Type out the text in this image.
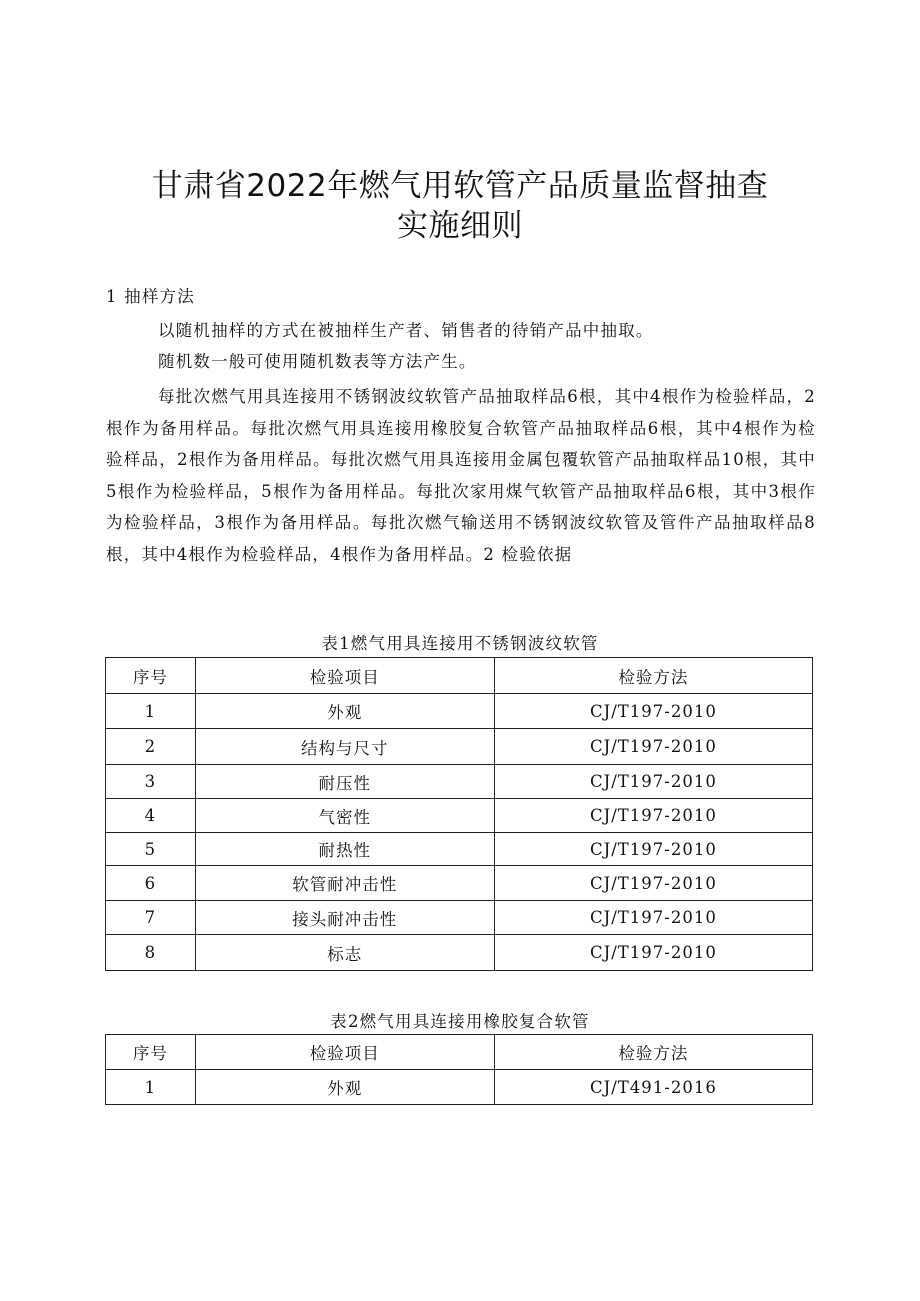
甘肃省2022年燃气用软管产品质量监督抽查
实施细则
1 抽样方法
以随机抽样的方式在被抽样生产者、销售者的待销产品中抽取。
随机数一般可使用随机数表等方法产生。
每批次燃气用具连接用不锈钢波纹软管产品抽取样品6根，其中4根作为检验样品，2根作为备用样品。每批次燃气用具连接用橡胶复合软管产品抽取样品6根，其中4根作为检验样品，2根作为备用样品。每批次燃气用具连接用金属包覆软管产品抽取样品10根，其中5根作为检验样品，5根作为备用样品。每批次家用煤气软管产品抽取样品6根，其中3根作为检验样品，3根作为备用样品。每批次燃气输送用不锈钢波纹软管及管件产品抽取样品8根，其中4根作为检验样品，4根作为备用样品。2 检验依据
表1燃气用具连接用不锈钢波纹软管
序号	检验项目	检验方法
1	外观	CJ/T197-2010
2	结构与尺寸	CJ/T197-2010
3	耐压性	CJ/T197-2010
4	气密性	CJ/T197-2010
5	耐热性	CJ/T197-2010
6	软管耐冲击性	CJ/T197-2010
7	接头耐冲击性	CJ/T197-2010
8	标志	CJ/T197-2010
表2燃气用具连接用橡胶复合软管
序号	检验项目	检验方法
1	外观	CJ/T491-2016
